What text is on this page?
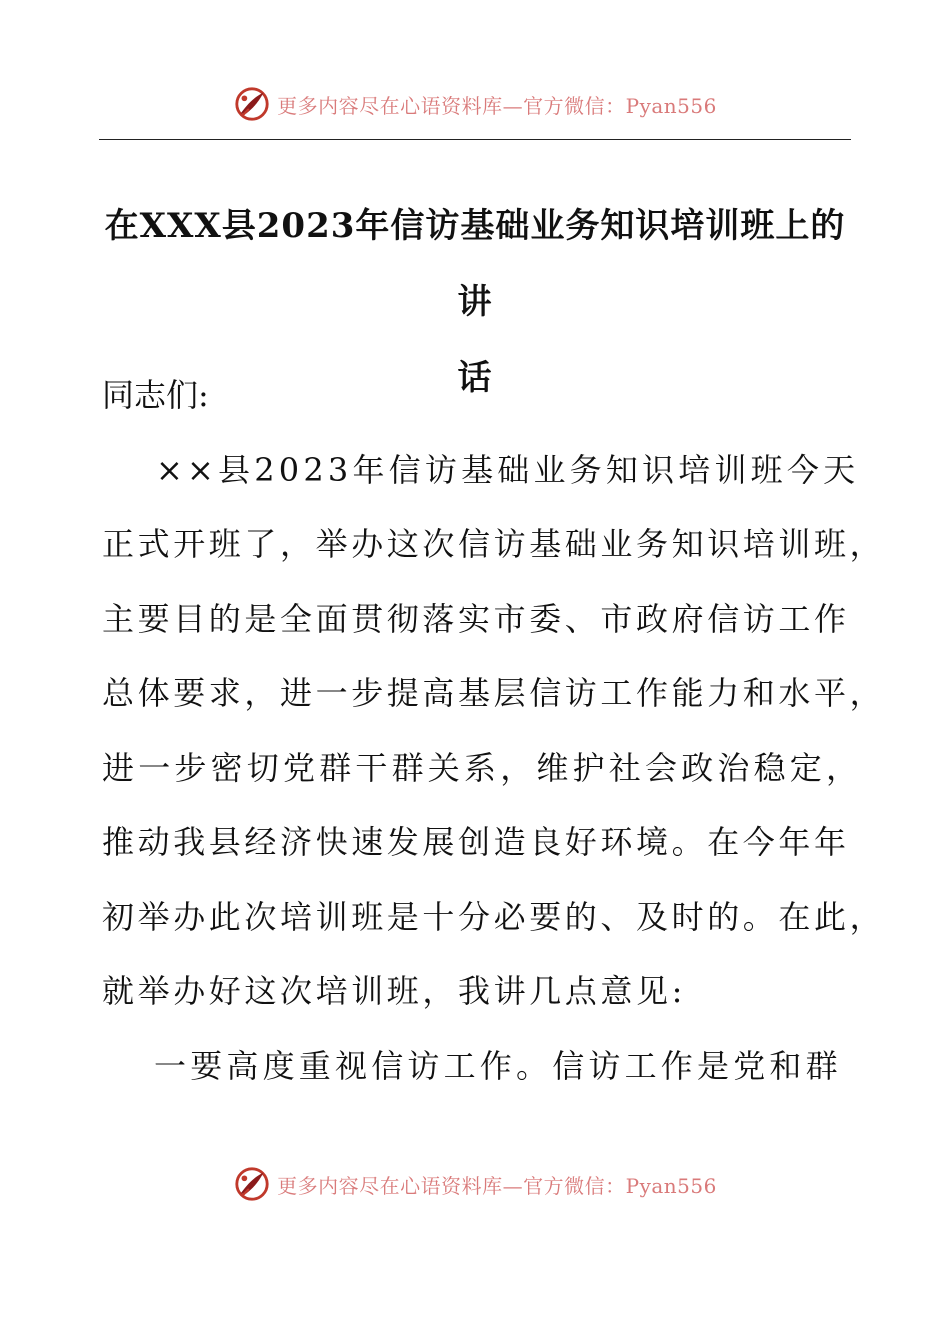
更多内容尽在心语资料库—官方微信：Pyan556
在XXX县2023年信访基础业务知识培训班上的讲
话
同志们:
××县2023年信访基础业务知识培训班今天
正式开班了，举办这次信访基础业务知识培训班，
主要目的是全面贯彻落实市委、市政府信访工作
总体要求，进一步提高基层信访工作能力和水平，
进一步密切党群干群关系，维护社会政治稳定，
推动我县经济快速发展创造良好环境。在今年年
初举办此次培训班是十分必要的、及时的。在此，
就举办好这次培训班，我讲几点意见:
一要高度重视信访工作。信访工作是党和群
更多内容尽在心语资料库—官方微信：Pyan556
